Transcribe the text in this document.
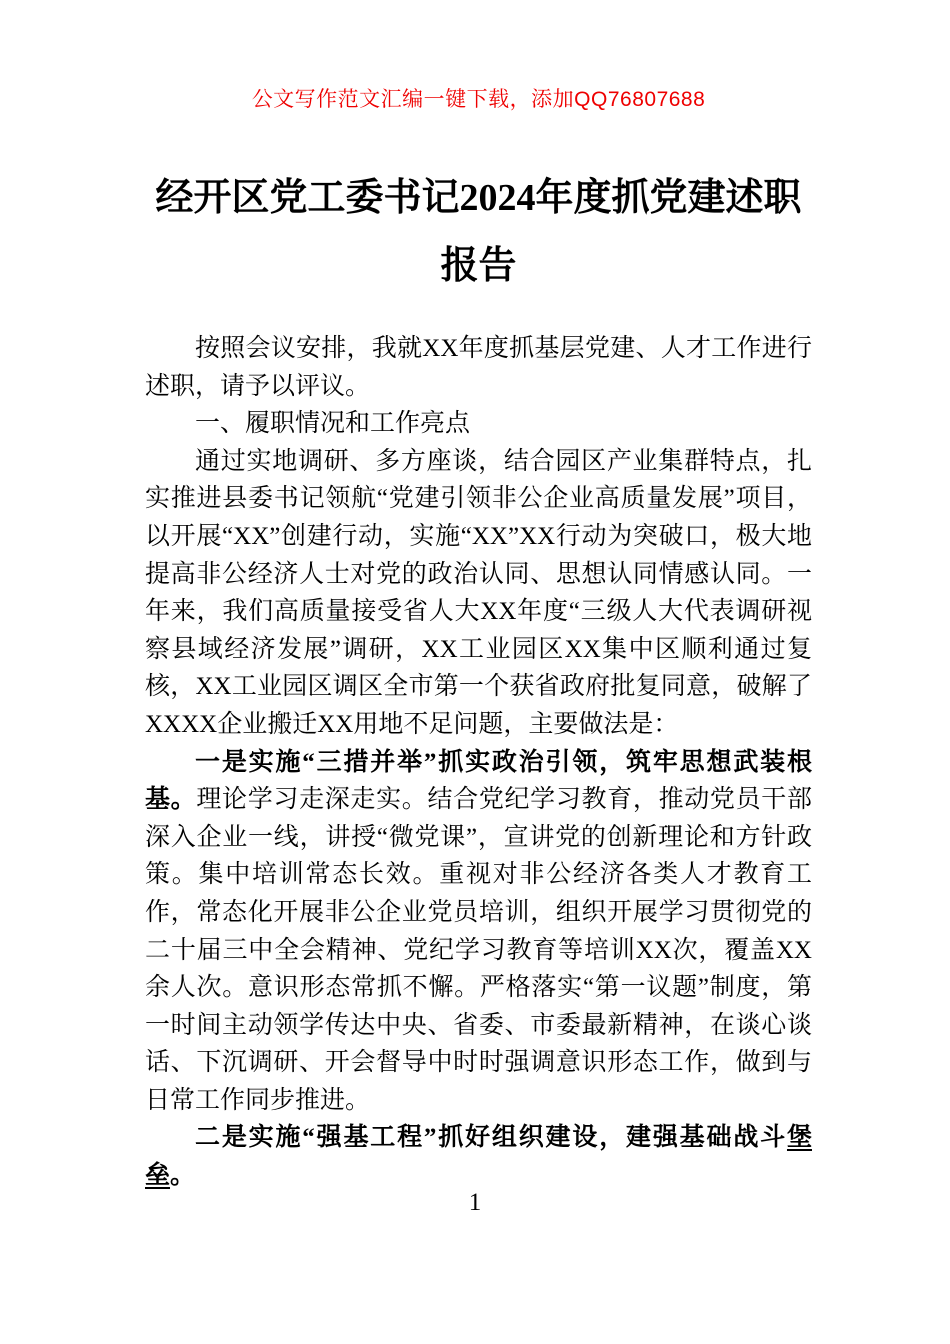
公文写作范文汇编一键下载，添加QQ76807688
经开区党工委书记2024年度抓党建述职报告

按照会议安排，我就XX年度抓基层党建、人才工作进行述职，请予以评议。

一、履职情况和工作亮点

通过实地调研、多方座谈，结合园区产业集群特点，扎实推进县委书记领航“党建引领非公企业高质量发展”项目，以开展“XX”创建行动，实施“XX”XX行动为突破口，极大地提高非公经济人士对党的政治认同、思想认同情感认同。一年来，我们高质量接受省人大XX年度“三级人大代表调研视察县域经济发展”调研，XX工业园区XX集中区顺利通过复核，XX工业园区调区全市第一个获省政府批复同意，破解了XXXX企业搬迁XX用地不足问题，主要做法是：

一是实施“三措并举”抓实政治引领，筑牢思想武装根基。理论学习走深走实。结合党纪学习教育，推动党员干部深入企业一线，讲授“微党课”，宣讲党的创新理论和方针政策。集中培训常态长效。重视对非公经济各类人才教育工作，常态化开展非公企业党员培训，组织开展学习贯彻党的二十届三中全会精神、党纪学习教育等培训XX次，覆盖XX余人次。意识形态常抓不懈。严格落实“第一议题”制度，第一时间主动领学传达中央、省委、市委最新精神，在谈心谈话、下沉调研、开会督导中时时强调意识形态工作，做到与日常工作同步推进。

二是实施“强基工程”抓好组织建设，建强基础战斗堡垒。

1
